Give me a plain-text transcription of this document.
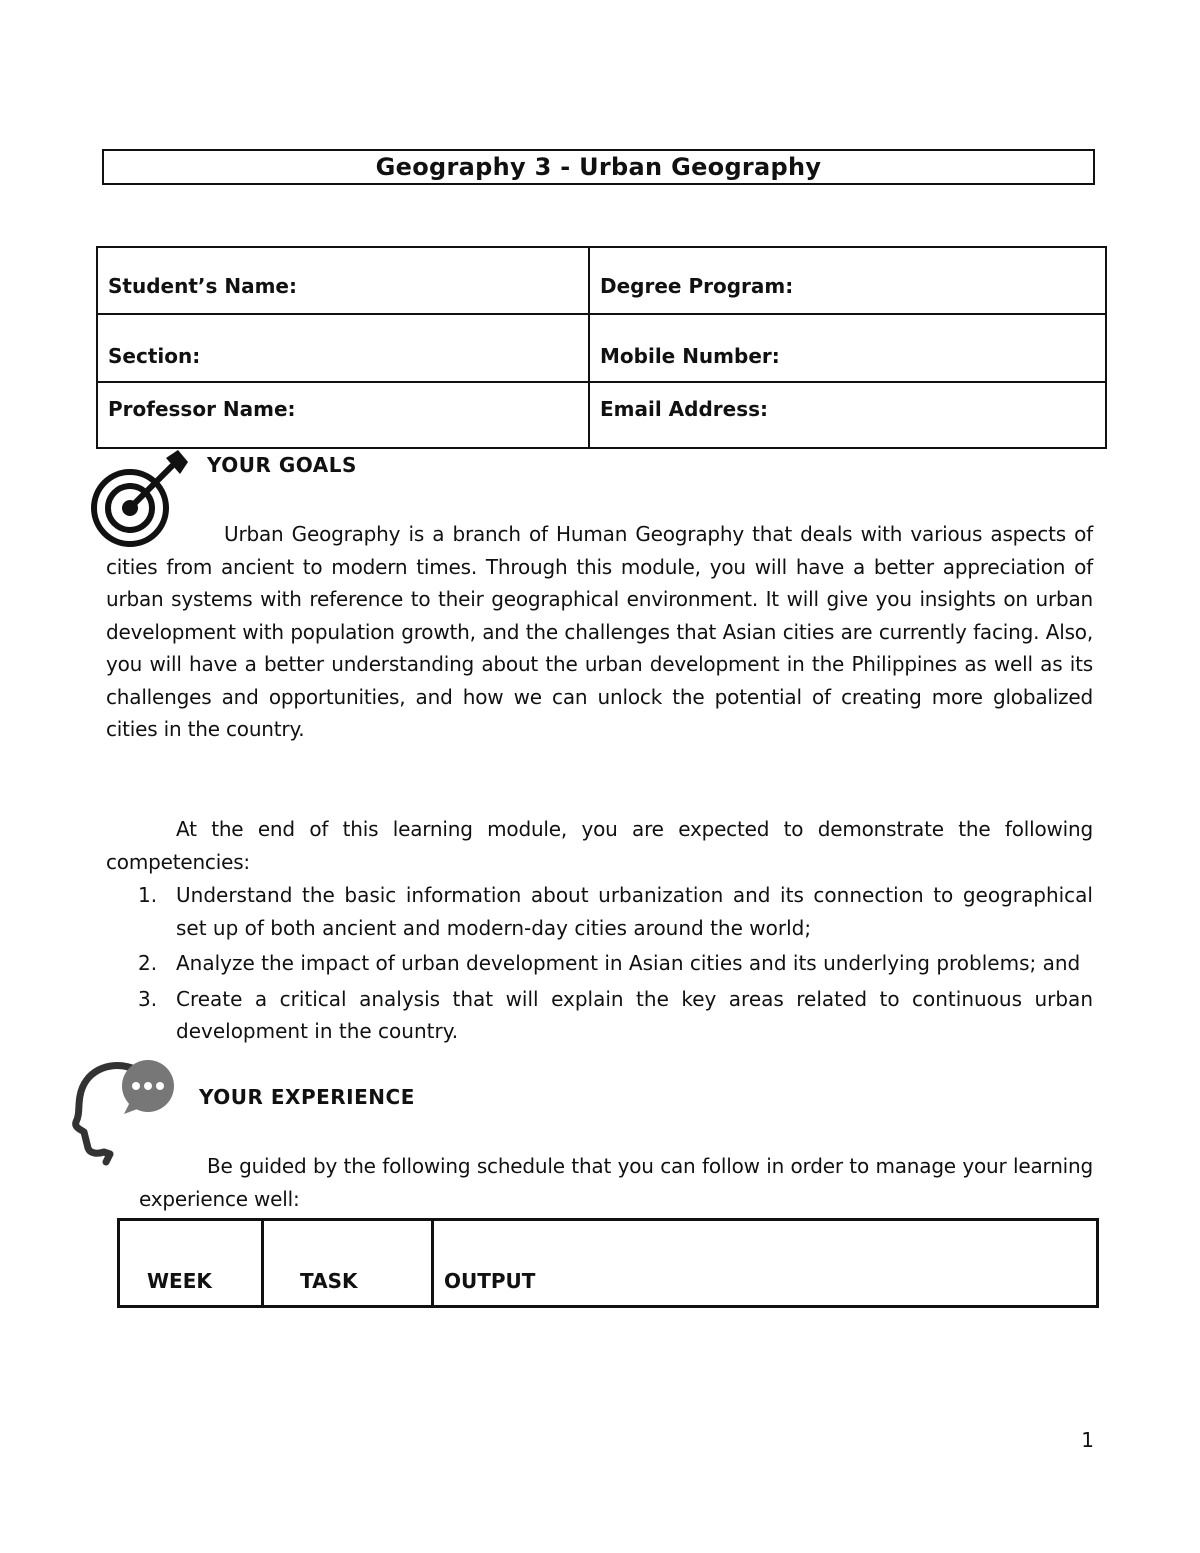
Geography 3 - Urban Geography
Student’s Name:	Degree Program:
Section:	Mobile Number:
Professor Name:	Email Address:
YOUR GOALS
Urban Geography is a branch of Human Geography that deals with various aspects of cities from ancient to modern times. Through this module, you will have a better appreciation of urban systems with reference to their geographical environment. It will give you insights on urban development with population growth, and the challenges that Asian cities are currently facing. Also, you will have a better understanding about the urban development in the Philippines as well as its challenges and opportunities, and how we can unlock the potential of creating more globalized cities in the country.
At the end of this learning module, you are expected to demonstrate the following competencies:
1. Understand the basic information about urbanization and its connection to geographical set up of both ancient and modern-day cities around the world;
2. Analyze the impact of urban development in Asian cities and its underlying problems; and
3. Create a critical analysis that will explain the key areas related to continuous urban development in the country.
YOUR EXPERIENCE
Be guided by the following schedule that you can follow in order to manage your learning experience well:
WEEK	TASK	OUTPUT
1
